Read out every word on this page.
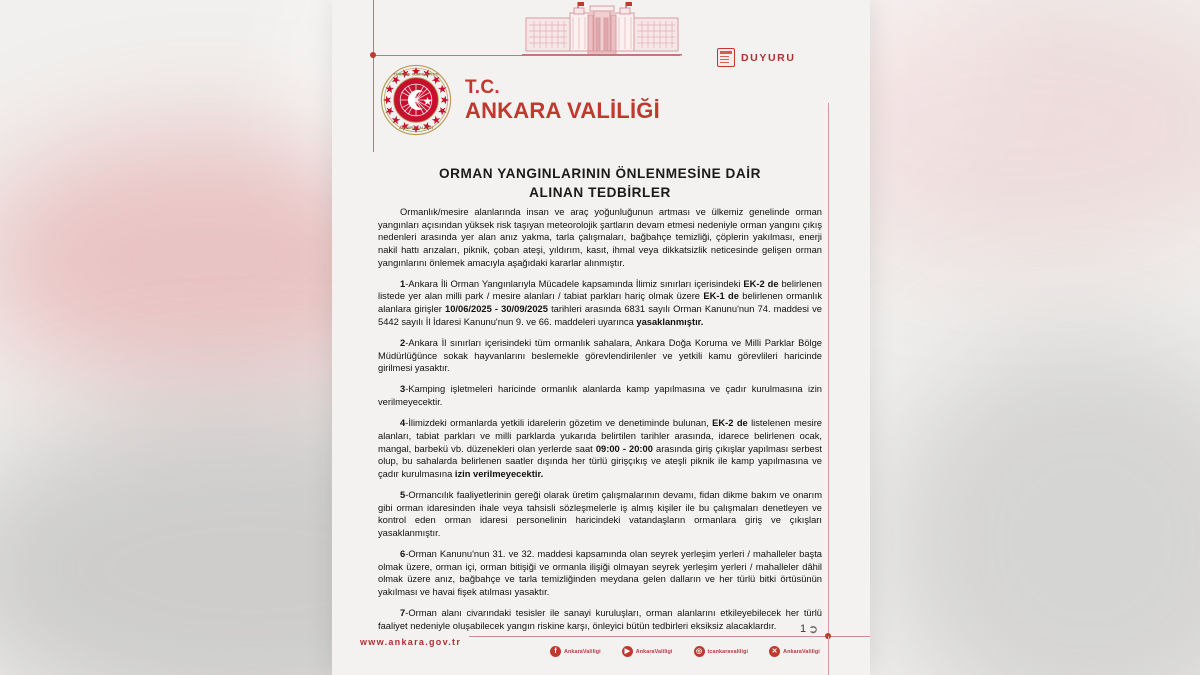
DUYURU
TÜRKİYE CUMHURİYETİ
ANKARA VALİLİĞİ
T.C.
ANKARA VALİLİĞİ
ORMAN YANGINLARININ ÖNLENMESİNE DAİR
ALINAN TEDBİRLER

Ormanlık/mesire alanlarında insan ve araç yoğunluğunun artması ve ülkemiz genelinde orman yangınları açısından yüksek risk taşıyan meteorolojik şartların devam etmesi nedeniyle orman yangını çıkış nedenleri arasında yer alan anız yakma, tarla çalışmaları, bağbahçe temizliği, çöplerin yakılması, enerji nakil hattı arızaları, piknik, çoban ateşi, yıldırım, kasıt, ihmal veya dikkatsizlik neticesinde gelişen orman yangınlarını önlemek amacıyla aşağıdaki kararlar alınmıştır.

1-Ankara İli Orman Yangınlarıyla Mücadele kapsamında İlimiz sınırları içerisindeki EK-2 de belirlenen listede yer alan milli park / mesire alanları / tabiat parkları hariç olmak üzere EK-1 de belirlenen ormanlık alanlara girişler 10/06/2025 - 30/09/2025 tarihleri arasında 6831 sayılı Orman Kanunu'nun 74. maddesi ve 5442 sayılı İl İdaresi Kanunu'nun 9. ve 66. maddeleri uyarınca yasaklanmıştır.

2-Ankara İl sınırları içerisindeki tüm ormanlık sahalara, Ankara Doğa Koruma ve Milli Parklar Bölge Müdürlüğünce sokak hayvanlarını beslemekle görevlendirilenler ve yetkili kamu görevlileri haricinde girilmesi yasaktır.

3-Kamping işletmeleri haricinde ormanlık alanlarda kamp yapılmasına ve çadır kurulmasına izin verilmeyecektir.

4-İlimizdeki ormanlarda yetkili idarelerin gözetim ve denetiminde bulunan, EK-2 de listelenen mesire alanları, tabiat parkları ve milli parklarda yukarıda belirtilen tarihler arasında, idarece belirlenen ocak, mangal, barbekü vb. düzenekleri olan yerlerde saat 09:00 - 20:00 arasında giriş çıkışlar yapılması serbest olup, bu sahalarda belirlenen saatler dışında her türlü girişçıkış ve ateşli piknik ile kamp yapılmasına ve çadır kurulmasına izin verilmeyecektir.

5-Ormancılık faaliyetlerinin gereği olarak üretim çalışmalarının devamı, fidan dikme bakım ve onarım gibi orman idaresinden ihale veya tahsisli sözleşmelerle iş almış kişiler ile bu çalışmaları denetleyen ve kontrol eden orman idaresi personelinin haricindeki vatandaşların ormanlara giriş ve çıkışları yasaklanmıştır.

6-Orman Kanunu'nun 31. ve 32. maddesi kapsamında olan seyrek yerleşim yerleri / mahalleler başta olmak üzere, orman içi, orman bitişiği ve ormanla ilişiği olmayan seyrek yerleşim yerleri / mahalleler dâhil olmak üzere anız, bağbahçe ve tarla temizliğinden meydana gelen dalların ve her türlü bitki örtüsünün yakılması ve havai fişek atılması yasaktır.

7-Orman alanı civarındaki tesisler ile sanayi kuruluşları, orman alanlarını etkileyebilecek her türlü faaliyet nedeniyle oluşabilecek yangın riskine karşı, önleyici bütün tedbirleri eksiksiz alacaklardır.

www.ankara.gov.tr
f	AnkaraValiligi	▶	AnkaraValiligi	◎	tcankaravaliligi	✕	AnkaraValiligi
1 ➲
